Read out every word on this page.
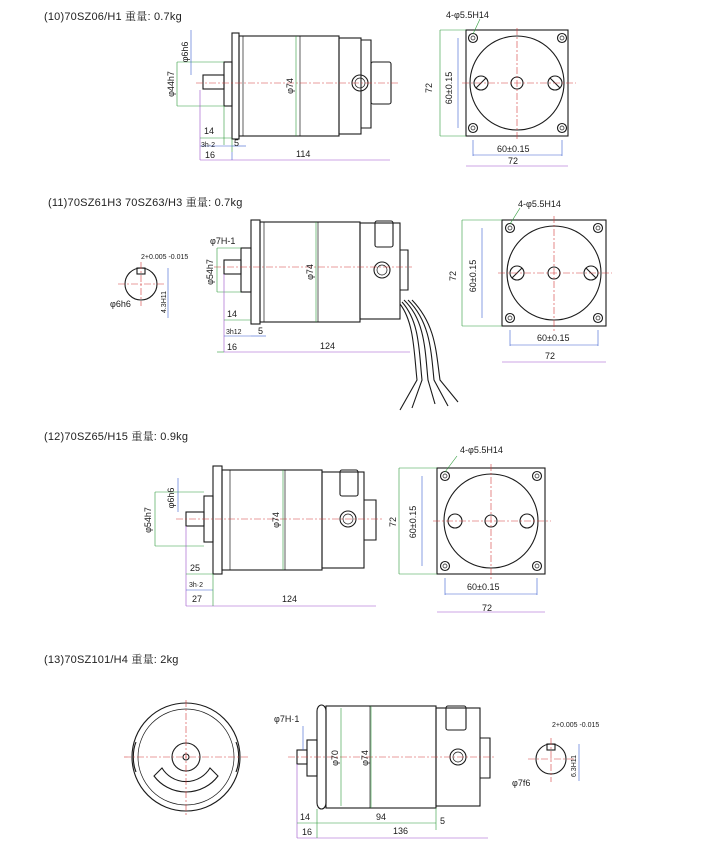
(10)70SZ06/H1 重量: 0.7kg
(11)70SZ61H3 70SZ63/H3 重量: 0.7kg
(12)70SZ65/H15 重量: 0.9kg
(13)70SZ101/H4 重量: 2kg
φ6h6
φ44h7	φ74
14
3h·2 5
16	114
4-φ5.5H14
72 60±0.15
60±0.15
72
2+0.005 -0.015
4.3H11
φ6h6
φ7H-1
φ54h7	φ74
14
3h12 5
16	124
4-φ5.5H14
72 60±0.15
60±0.15
72
φ6h6
φ54h7	φ74
25
3h·2
27	124
4-φ5.5H14
72 60±0.15
60±0.15
72
φ7H·1
φ70 φ74
14	94	5
16	136
2+0.005 -0.015
6.3H11
φ7f6
